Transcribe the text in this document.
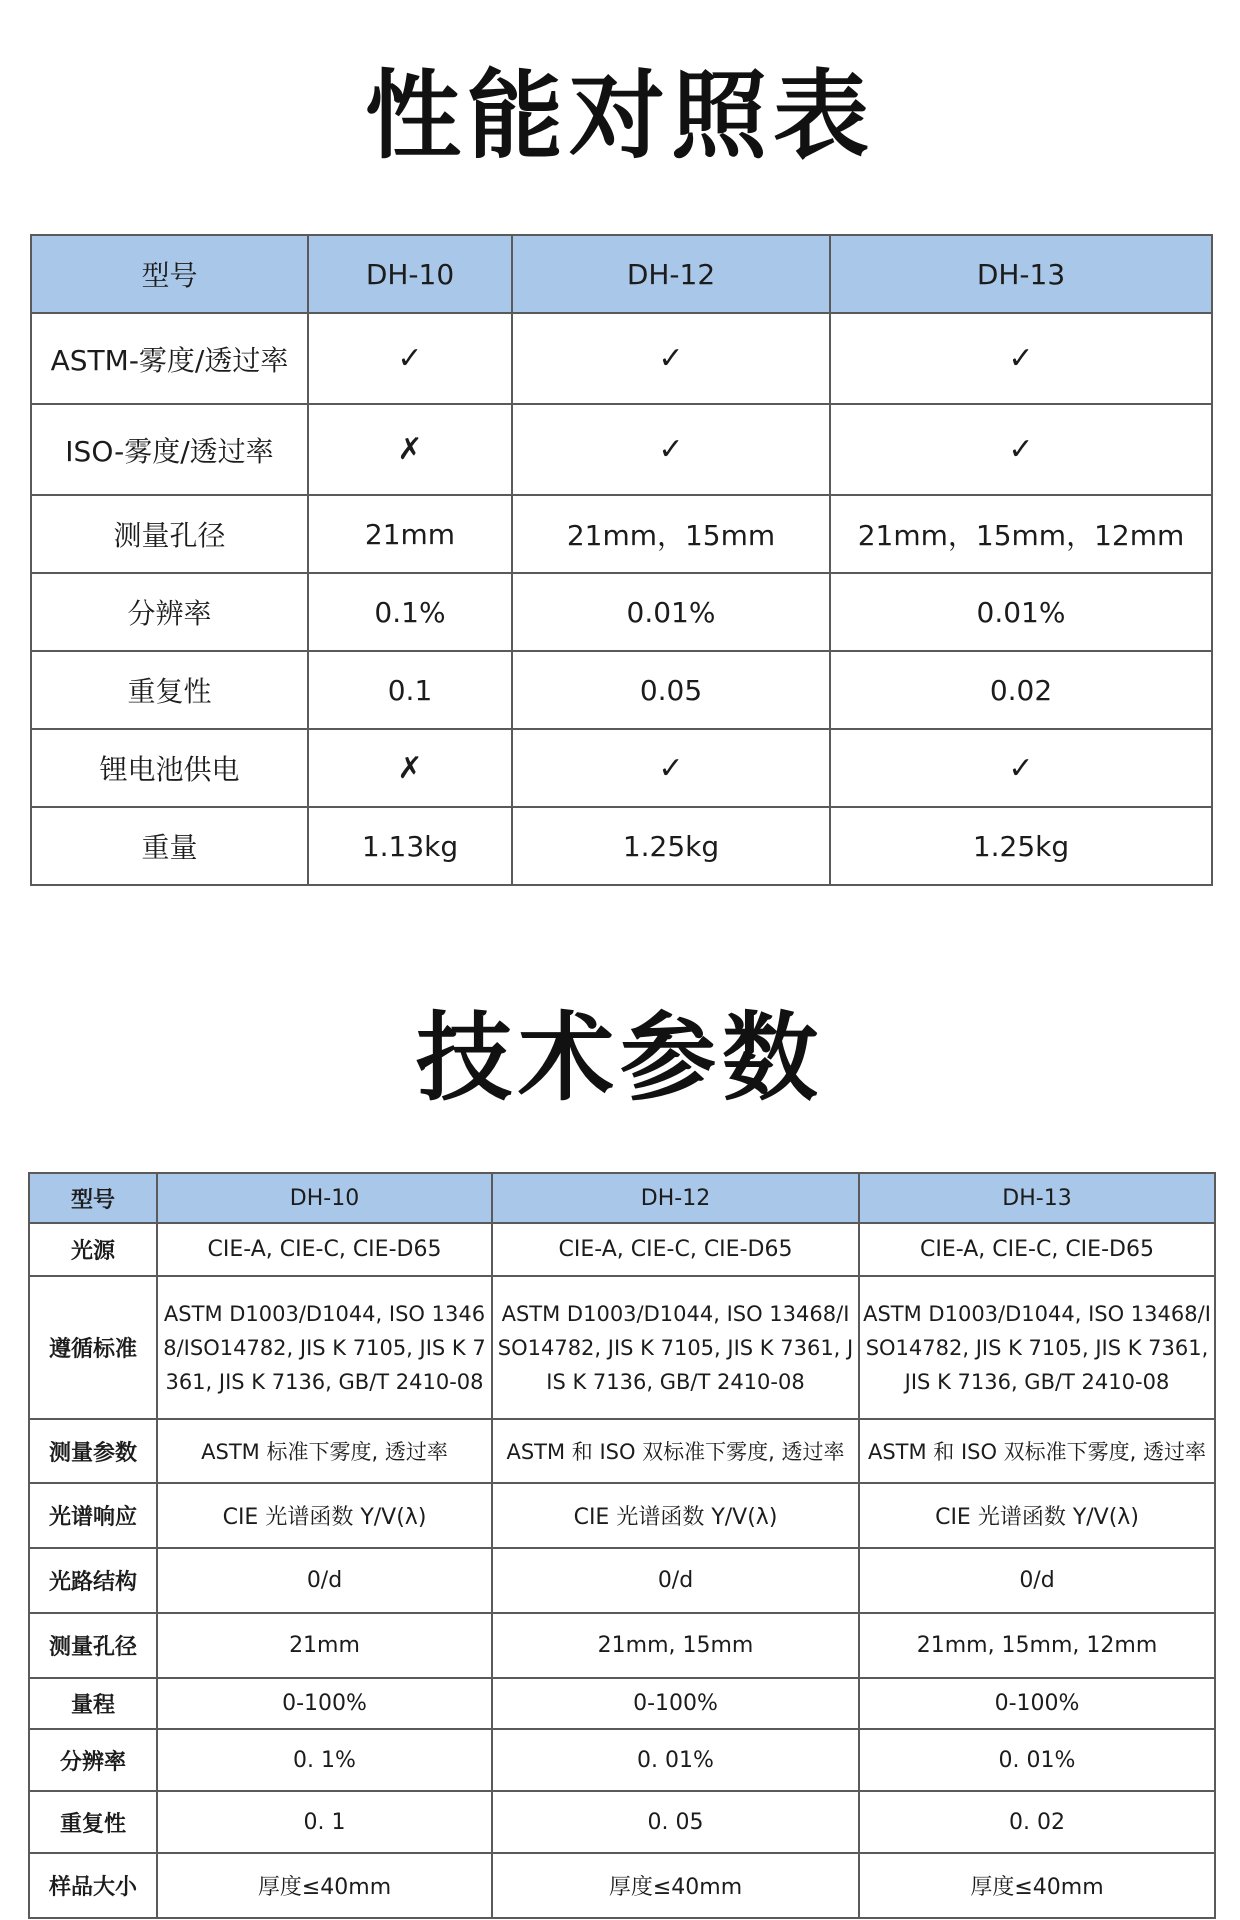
性能对照表
型号	DH-10	DH-12	DH-13
ASTM-雾度/透过率	✓	✓	✓
ISO-雾度/透过率	✗	✓	✓
测量孔径	21mm	21mm，15mm	21mm，15mm，12mm
分辨率	0.1%	0.01%	0.01%
重复性	0.1	0.05	0.02
锂电池供电	✗	✓	✓
重量	1.13kg	1.25kg	1.25kg
技术参数
型号	DH-10	DH-12	DH-13
光源	CIE-A, CIE-C, CIE-D65	CIE-A, CIE-C, CIE-D65	CIE-A, CIE-C, CIE-D65
遵循标准	ASTM D1003/D1044, ISO 13468/ISO14782, JIS K 7105, JIS K 7361, JIS K 7136, GB/T 2410-08	ASTM D1003/D1044, ISO 13468/ISO14782, JIS K 7105, JIS K 7361, JIS K 7136, GB/T 2410-08	ASTM D1003/D1044, ISO 13468/ISO14782, JIS K 7105, JIS K 7361, JIS K 7136, GB/T 2410-08
测量参数	ASTM 标准下雾度, 透过率	ASTM 和 ISO 双标准下雾度, 透过率	ASTM 和 ISO 双标准下雾度, 透过率
光谱响应	CIE 光谱函数 Y/V(λ)	CIE 光谱函数 Y/V(λ)	CIE 光谱函数 Y/V(λ)
光路结构	0/d	0/d	0/d
测量孔径	21mm	21mm, 15mm	21mm, 15mm, 12mm
量程	0-100%	0-100%	0-100%
分辨率	0. 1%	0. 01%	0. 01%
重复性	0. 1	0. 05	0. 02
样品大小	厚度≤40mm	厚度≤40mm	厚度≤40mm
